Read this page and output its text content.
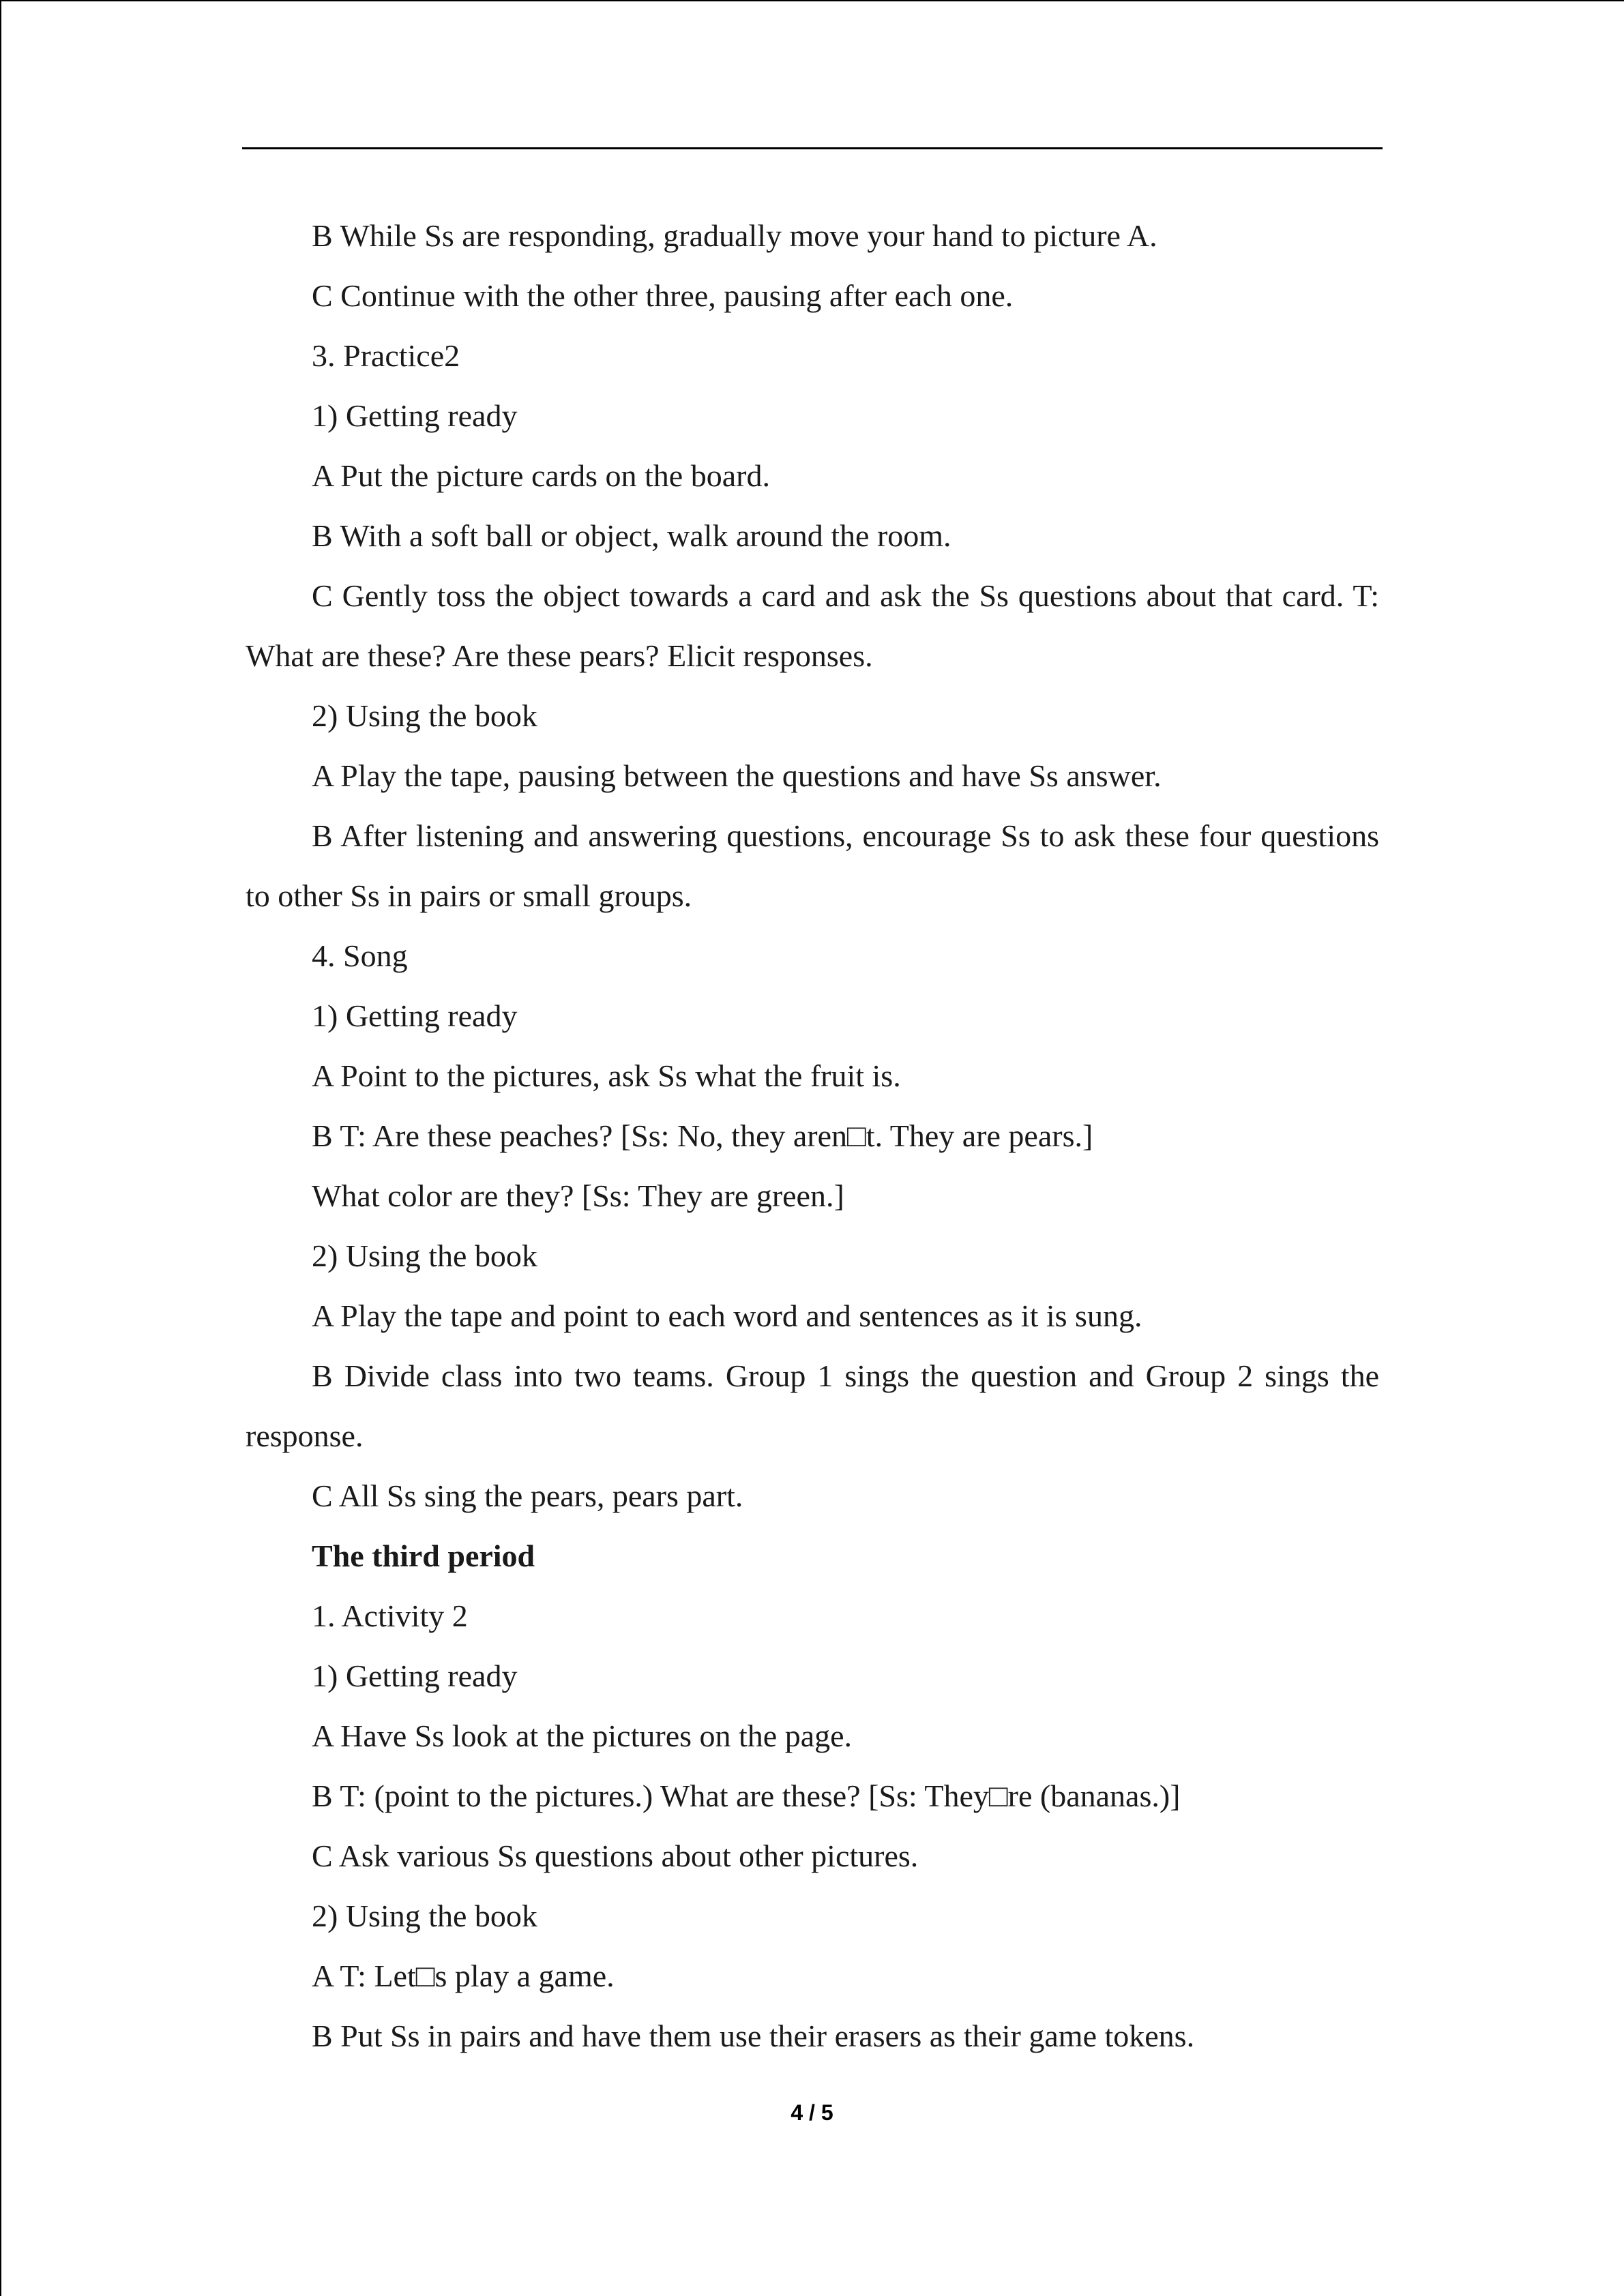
B While Ss are responding, gradually move your hand to picture A.

C Continue with the other three, pausing after each one.

3. Practice2

1) Getting ready

A Put the picture cards on the board.

B With a soft ball or object, walk around the room.

C Gently toss the object towards a card and ask the Ss questions about that card. T: What are these? Are these pears? Elicit responses.

2) Using the book

A Play the tape, pausing between the questions and have Ss answer.

B After listening and answering questions, encourage Ss to ask these four questions to other Ss in pairs or small groups.

4. Song

1) Getting ready

A Point to the pictures, ask Ss what the fruit is.

B T: Are these peaches? [Ss: No, they aren□t. They are pears.]

What color are they? [Ss: They are green.]

2) Using the book

A Play the tape and point to each word and sentences as it is sung.

B Divide class into two teams. Group 1 sings the question and Group 2 sings the response.

C All Ss sing the pears, pears part.

The third period

1. Activity 2

1) Getting ready

A Have Ss look at the pictures on the page.

B T: (point to the pictures.) What are these? [Ss: They□re (bananas.)]

C Ask various Ss questions about other pictures.

2) Using the book

A T: Let□s play a game.

B Put Ss in pairs and have them use their erasers as their game tokens.

4 / 5
